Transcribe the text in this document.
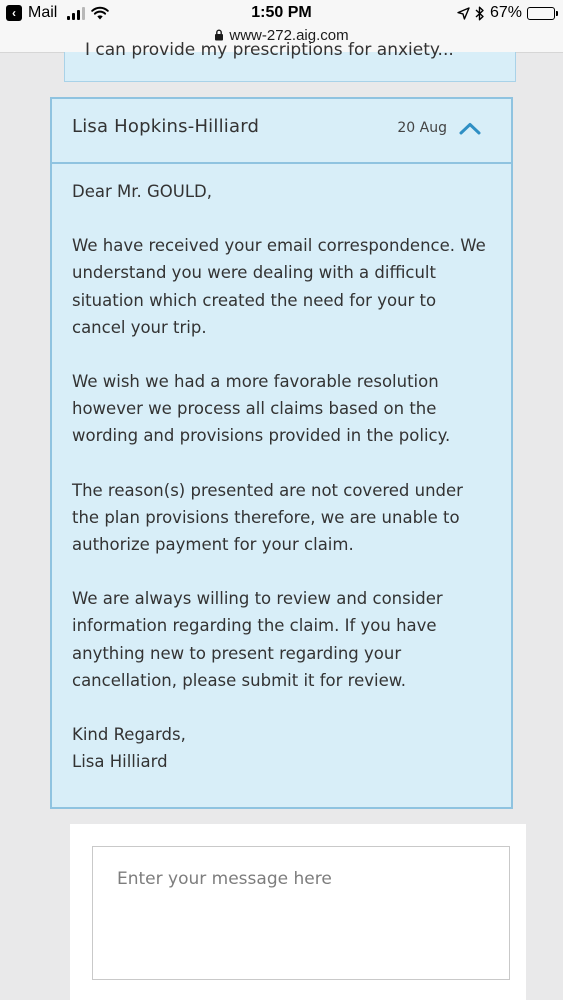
‹ Mail	1:50 PM	67%
www-272.aig.com
I can provide my prescriptions for anxiety...
Lisa Hopkins-Hilliard	20 Aug

Dear Mr. GOULD,

We have received your email correspondence. We understand you were dealing with a difficult situation which created the need for your to cancel your trip.

We wish we had a more favorable resolution however we process all claims based on the wording and provisions provided in the policy.

The reason(s) presented are not covered under the plan provisions therefore, we are unable to authorize payment for your claim.

We are always willing to review and consider information regarding the claim. If you have anything new to present regarding your cancellation, please submit it for review.

Kind Regards,

Lisa Hilliard

Enter your message here
